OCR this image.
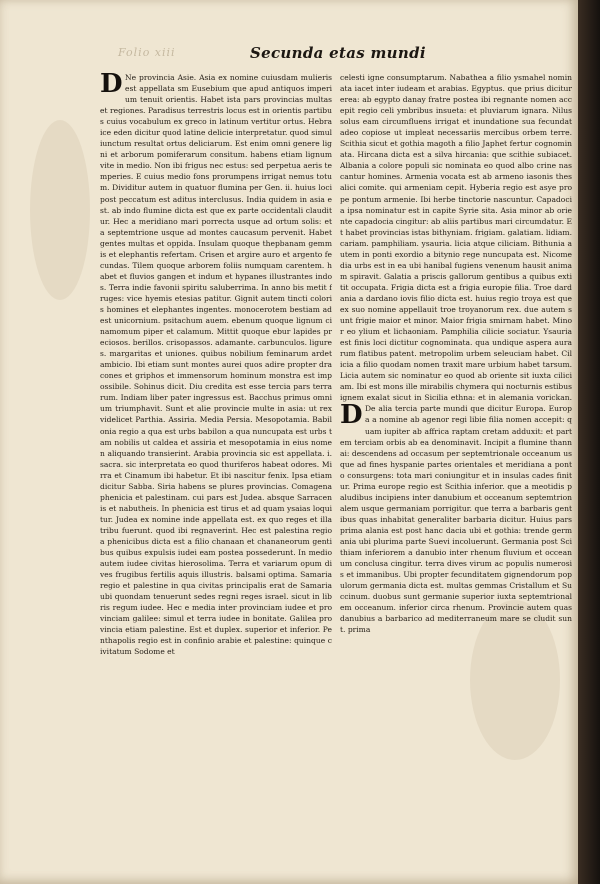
Folio xiii	Secunda etas mundi
D Ne provincia Asie. Asia ex nomine cuiusdam mulieris est appellata sm Eusebium que apud antiquos imperium tenuit orientis. Habet ista pars provincias multas et regiones. Paradisus terrestris locus est in orientis partibus cuius vocabulum ex greco in latinum vertitur ortus. Hebraice eden dicitur quod latine delicie interpretatur. quod simul iunctum resultat ortus deliciarum. Est enim omni genere ligni et arborum pomiferarum consitum. habens etiam lignum vite in medio. Non ibi frigus nec estus: sed perpetua aeris temperies. E cuius medio fons prorumpens irrigat nemus totum. Dividitur autem in quatuor flumina per Gen. ii. huius loci post peccatum est aditus interclusus. India quidem in asia est. ab indo flumine dicta est que ex parte occidentali clauditur. Hec a meridiano mari porrecta usque ad ortum solis: et a septemtrione usque ad montes caucasum pervenit. Habet gentes multas et oppida. Insulam quoque thepbanam gemmis et elephantis refertam. Crisen et argire auro et argento fecundas. Tilem quoque arborem foliis numquam carentem. habet et fluvios gangen et indum et hypanes illustrantes indos. Terra indie favonii spiritu saluberrima. In anno bis metit fruges: vice hyemis etesias patitur. Gignit autem tincti coloris homines et elephantes ingentes. monocerotem bestiam ad est unicornium. psitachum auem. ebenum quoque lignum cinamomum piper et calamum. Mittit quoque ebur lapides preciosos. berillos. crisopassos. adamante. carbunculos. ligures. margaritas et uniones. quibus nobilium feminarum ardet ambicio. Ibi etiam sunt montes aurei quos adire propter dracones et griphos et immensorum hominum monstra est impossibile. Sohinus dicit. Diu credita est esse tercia pars terrarum. Indiam liber pater ingressus est. Bacchus primus omnium triumphavit. Sunt et alie provincie multe in asia: ut rex videlicet Parthia. Assiria. Media Persia. Mesopotamia. Babilonia regio a qua est urbs babilon a qua nuncupata est urbs tam nobilis ut caldea et assiria et mesopotamia in eius nomen aliquando transierint. Arabia provincia sic est appellata. i. sacra. sic interpretata eo quod thuriferos habeat odores. Mirra et Cinamum ibi habetur. Et ibi nascitur fenix. Ipsa etiam dicitur Sabba. Siria habens se plures provincias. Comagena phenicia et palestinam. cui pars est Judea. absque Sarracenis et nabutheis. In phenicia est tirus et ad quam ysaias loquitur. Judea ex nomine inde appellata est. ex quo reges et illa tribu fuerunt. quod ibi regnaverint. Hec est palestina regio a phenicibus dicta est a filio chanaan et chananeorum gentibus quibus expulsis iudei eam postea possederunt. In medio autem iudee civitas hierosolima. Terra et variarum opum dives frugibus fertilis aquis illustris. balsami optima. Samaria regio et palestine in qua civitas principalis erat de Samaria ubi quondam tenuerunt sedes regni reges israel. sicut in libris regum iudee. Hec e media inter provinciam iudee et provinciam galilee: simul et terra iudee in bonitate. Galilea provincia etiam palestine. Est et duplex. superior et inferior. Penthapolis regio est in confinio arabie et palestine: quinque civitatum Sodome et
celesti igne consumptarum. Nabathea a filio ysmahel nominata iacet inter iudeam et arabias. Egyptus. que prius dicitur erea: ab egypto danay fratre postea ibi regnante nomen accepit regio celi ymbribus insueta: et pluviarum ignara. Nilus solus eam circumfluens irrigat et inundatione sua fecundat adeo copiose ut impleat necessariis mercibus orbem terre. Scithia sicut et gothia magoth a filio Japhet fertur cognominata. Hircana dicta est a silva hircania: que scithie subiacet. Albania a colore populi sic nominata eo quod albo crine nascantur homines. Armenia vocata est ab armeno iasonis thesalici comite. qui armeniam cepit. Hyberia regio est asye prope pontum armenie. Ibi herbe tinctorie nascuntur. Capadocia ipsa nominatur est in capite Syrie sita. Asia minor ab oriente capadocia cingitur: ab aliis partibus mari circumdatur. Et habet provincias istas bithyniam. frigiam. galatiam. lidiam. cariam. pamphiliam. ysauria. licia atque ciliciam. Bithunia autem in ponti exordio a bitynio rege nuncupata est. Nicomedia urbs est in ea ubi hanibal fugiens venenum hausit animam spiravit. Galatia a priscis gallorum gentibus a quibus extitit occupata. Frigia dicta est a frigia europie filia. Troe dardania a dardano iovis filio dicta est. huius regio troya est que ex suo nomine appellauit troe troyanorum rex. due autem sunt frigie maior et minor. Maior frigia smirnam habet. Minor eo ylium et lichaoniam. Pamphilia cilicie sociatur. Ysauria est finis loci dictitur cognominata. qua undique aspera aurarum flatibus patent. metropolim urbem seleuciam habet. Cilicia a filio quodam nomen traxit mare urbium habet tarsum. Licia autem sic nominatur eo quod ab oriente sit iuxta ciliciam. Ibi est mons ille mirabilis chymera qui nocturnis estibus ignem exalat sicut in Sicilia ethna: et in alemania vorickan.
D De alia tercia parte mundi que dicitur Europa. Europa a nomine ab agenor regi libie filia nomen accepit: quam iupiter ab affrica raptam cretam adduxit: et partem terciam orbis ab ea denominavit. Incipit a flumine thannai: descendens ad occasum per septemtrionale occeanum usque ad fines hyspanie partes orientales et meridiana a ponto consurgens: tota mari coniungitur et in insulas cades finitur. Prima europe regio est Scithia inferior. que a meotidis paludibus incipiens inter danubium et occeanum septemtrionalem usque germaniam porrigitur. que terra a barbaris gentibus quas inhabitat generaliter barbaria dicitur. Huius pars prima alania est post hanc dacia ubi et gothia: trende germania ubi plurima parte Suevi incoluerunt. Germania post Scithiam inferiorem a danubio inter rhenum fluvium et occeanum conclusa cingitur. terra dives virum ac populis numerosis et immanibus. Ubi propter fecunditatem gignendorum populorum germania dicta est. multas gemmas Cristallum et Succinum. duobus sunt germanie superior iuxta septemtrionalem occeanum. inferior circa rhenum. Provincie autem quas danubius a barbarico ad mediterraneum mare se cludit sunt. prima
